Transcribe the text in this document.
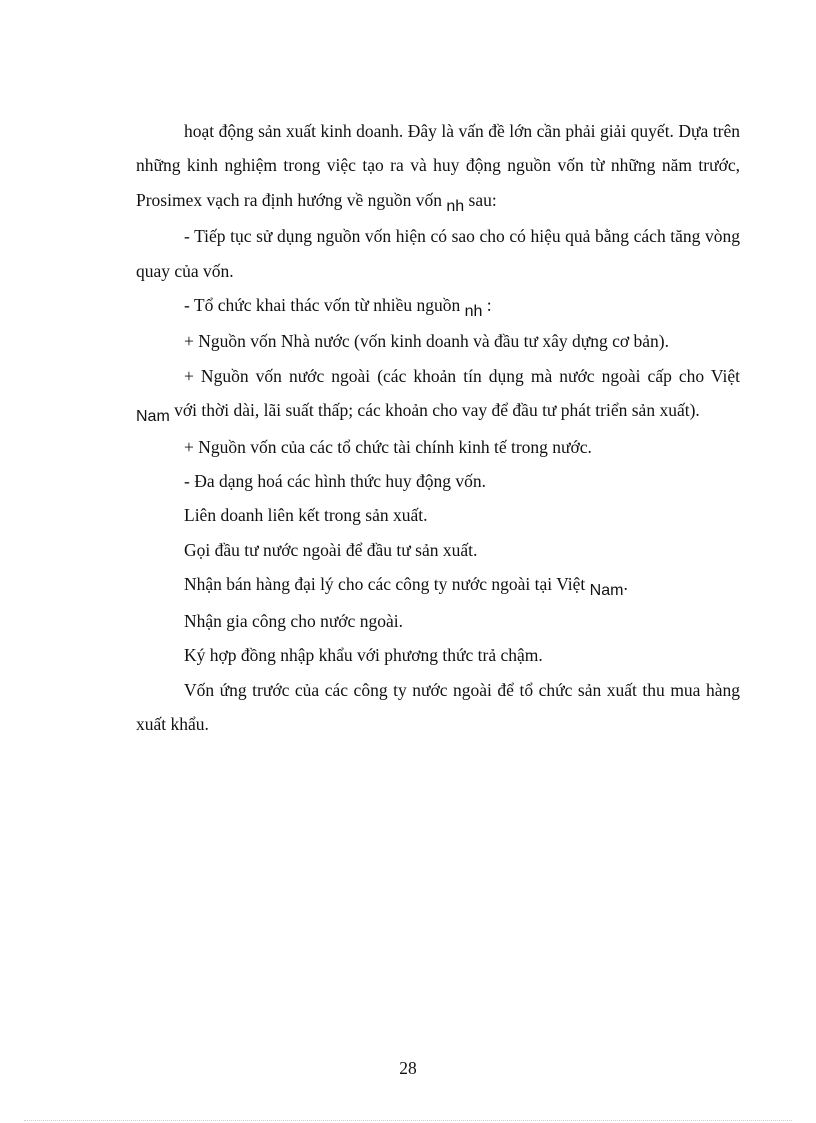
hoạt động sản xuất kinh doanh. Đây là vấn đề lớn cần phải giải quyết. Dựa trên những kinh nghiệm trong việc tạo ra và huy động nguồn vốn từ những năm trước, Prosimex vạch ra định hướng về nguồn vốn nh sau:

- Tiếp tục sử dụng nguồn vốn hiện có sao cho có hiệu quả bằng cách tăng vòng quay của vốn.

- Tổ chức khai thác vốn từ nhiều nguồn nh :

+ Nguồn vốn Nhà nước (vốn kinh doanh và đầu tư xây dựng cơ bản).

+ Nguồn vốn nước ngoài (các khoản tín dụng mà nước ngoài cấp cho Việt Nam với thời dài, lãi suất thấp; các khoản cho vay để đầu tư phát triển sản xuất).

+ Nguồn vốn của các tổ chức tài chính kinh tế trong nước.

- Đa dạng hoá các hình thức huy động vốn.

Liên doanh liên kết trong sản xuất.

Gọi đầu tư nước ngoài để đầu tư sản xuất.

Nhận bán hàng đại lý cho các công ty nước ngoài tại Việt Nam.

Nhận gia công cho nước ngoài.

Ký hợp đồng nhập khẩu với phương thức trả chậm.

Vốn ứng trước của các công ty nước ngoài để tổ chức sản xuất thu mua hàng xuất khẩu.

28
